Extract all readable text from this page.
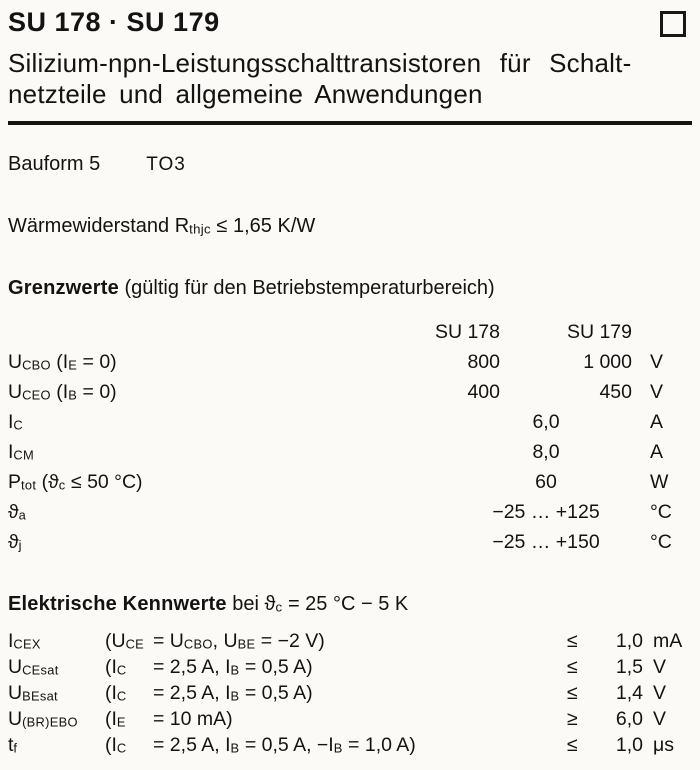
SU 178 · SU 179
Silizium-npn-Leistungsschalttransistoren für Schalt-
netzteile und allgemeine Anwendungen
Bauform 5 TO3
Wärmewiderstand $R_{thjc} \le 1,65$ K/W
Grenzwerte (gültig für den Betriebstemperaturbereich)
SU 178	SU 179
$U_{CBO}$ $(I_E = 0)$	800	1 000 V
$U_{CEO}$ $(I_B = 0)$	400	450 V
$I_C$	6,0	A
$I_{CM}$	8,0	A
$P_{tot}$ ($ϑ_c \le 50$ °C)	60	W
$ϑ_a$	−25 … +125	°C
$ϑ_j$	−25 … +150	°C
Elektrische Kennwerte bei $ϑ_c = 25$ °C − 5 K
$I_{CEX}$	($U_{CE} = U_{CBO}$, $U_{BE} = -2$ V)	≤	1,0 mA
$U_{CEsat}$	($I_C$	= 2,5 A, $I_B = 0,5$ A)	≤	1,5 V
$U_{BEsat}$	($I_C$	= 2,5 A, $I_B = 0,5$ A)	≤	1,4 V
$U_{(BR)EBO}$	($I_E$	= 10 mA)	≥	6,0 V
$t_f$	($I_C$	= 2,5 A, $I_B = 0,5$ A, $-I_B = 1,0$ A)	≤	1,0 μs
